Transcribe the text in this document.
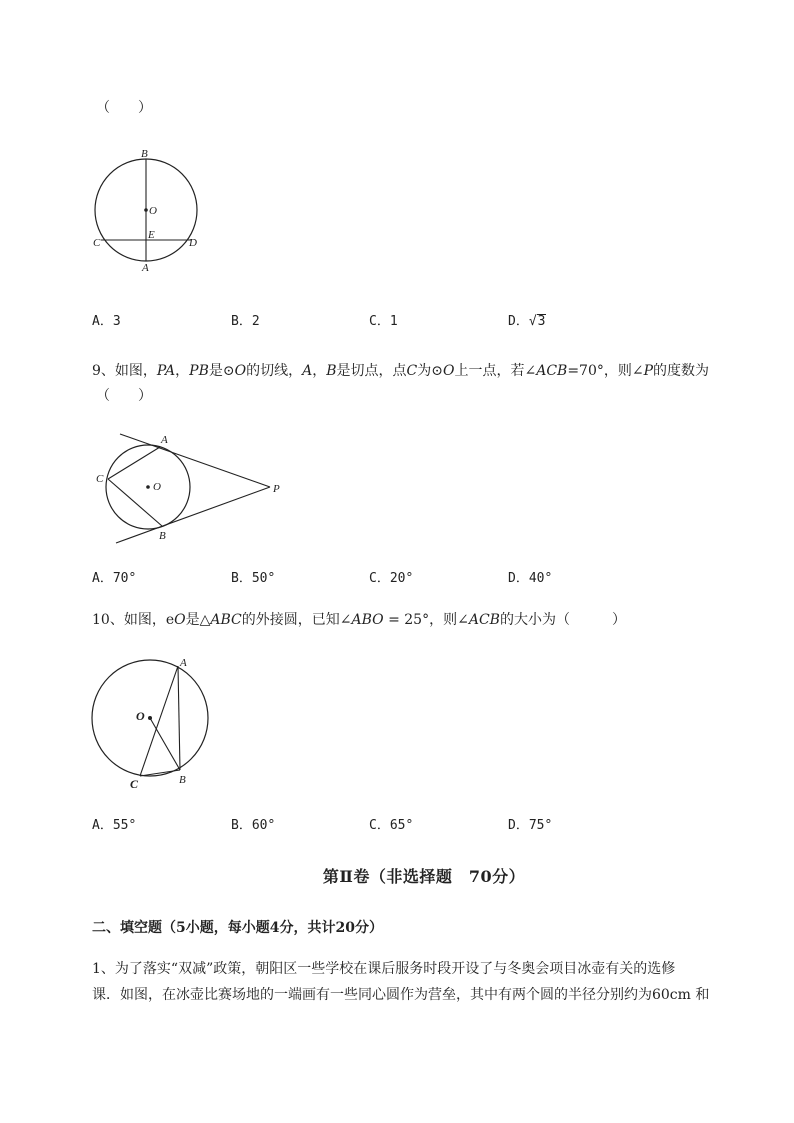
（　　）
B
O
C
E
D
A
A．3	B．2	C．1	D．√3
9、如图，PA，PB是⊙O的切线，A，B是切点，点C为⊙O上一点，若∠ACB=70°，则∠P的度数为
（　　）
A
C
O	P
B
A．70°	B．50°	C．20°	D．40°
10、如图，eO是△ABC的外接圆，已知∠ABO = 25°，则∠ACB的大小为（　　　）
A
O
C	B
A．55°	B．60°	C．65°	D．75°
第Ⅱ卷（非选择题　70分）
二、填空题（5小题，每小题4分，共计20分）
1、为了落实“双减”政策，朝阳区一些学校在课后服务时段开设了与冬奥会项目冰壶有关的选修
课．如图，在冰壶比赛场地的一端画有一些同心圆作为营垒，其中有两个圆的半径分别约为60cm 和
